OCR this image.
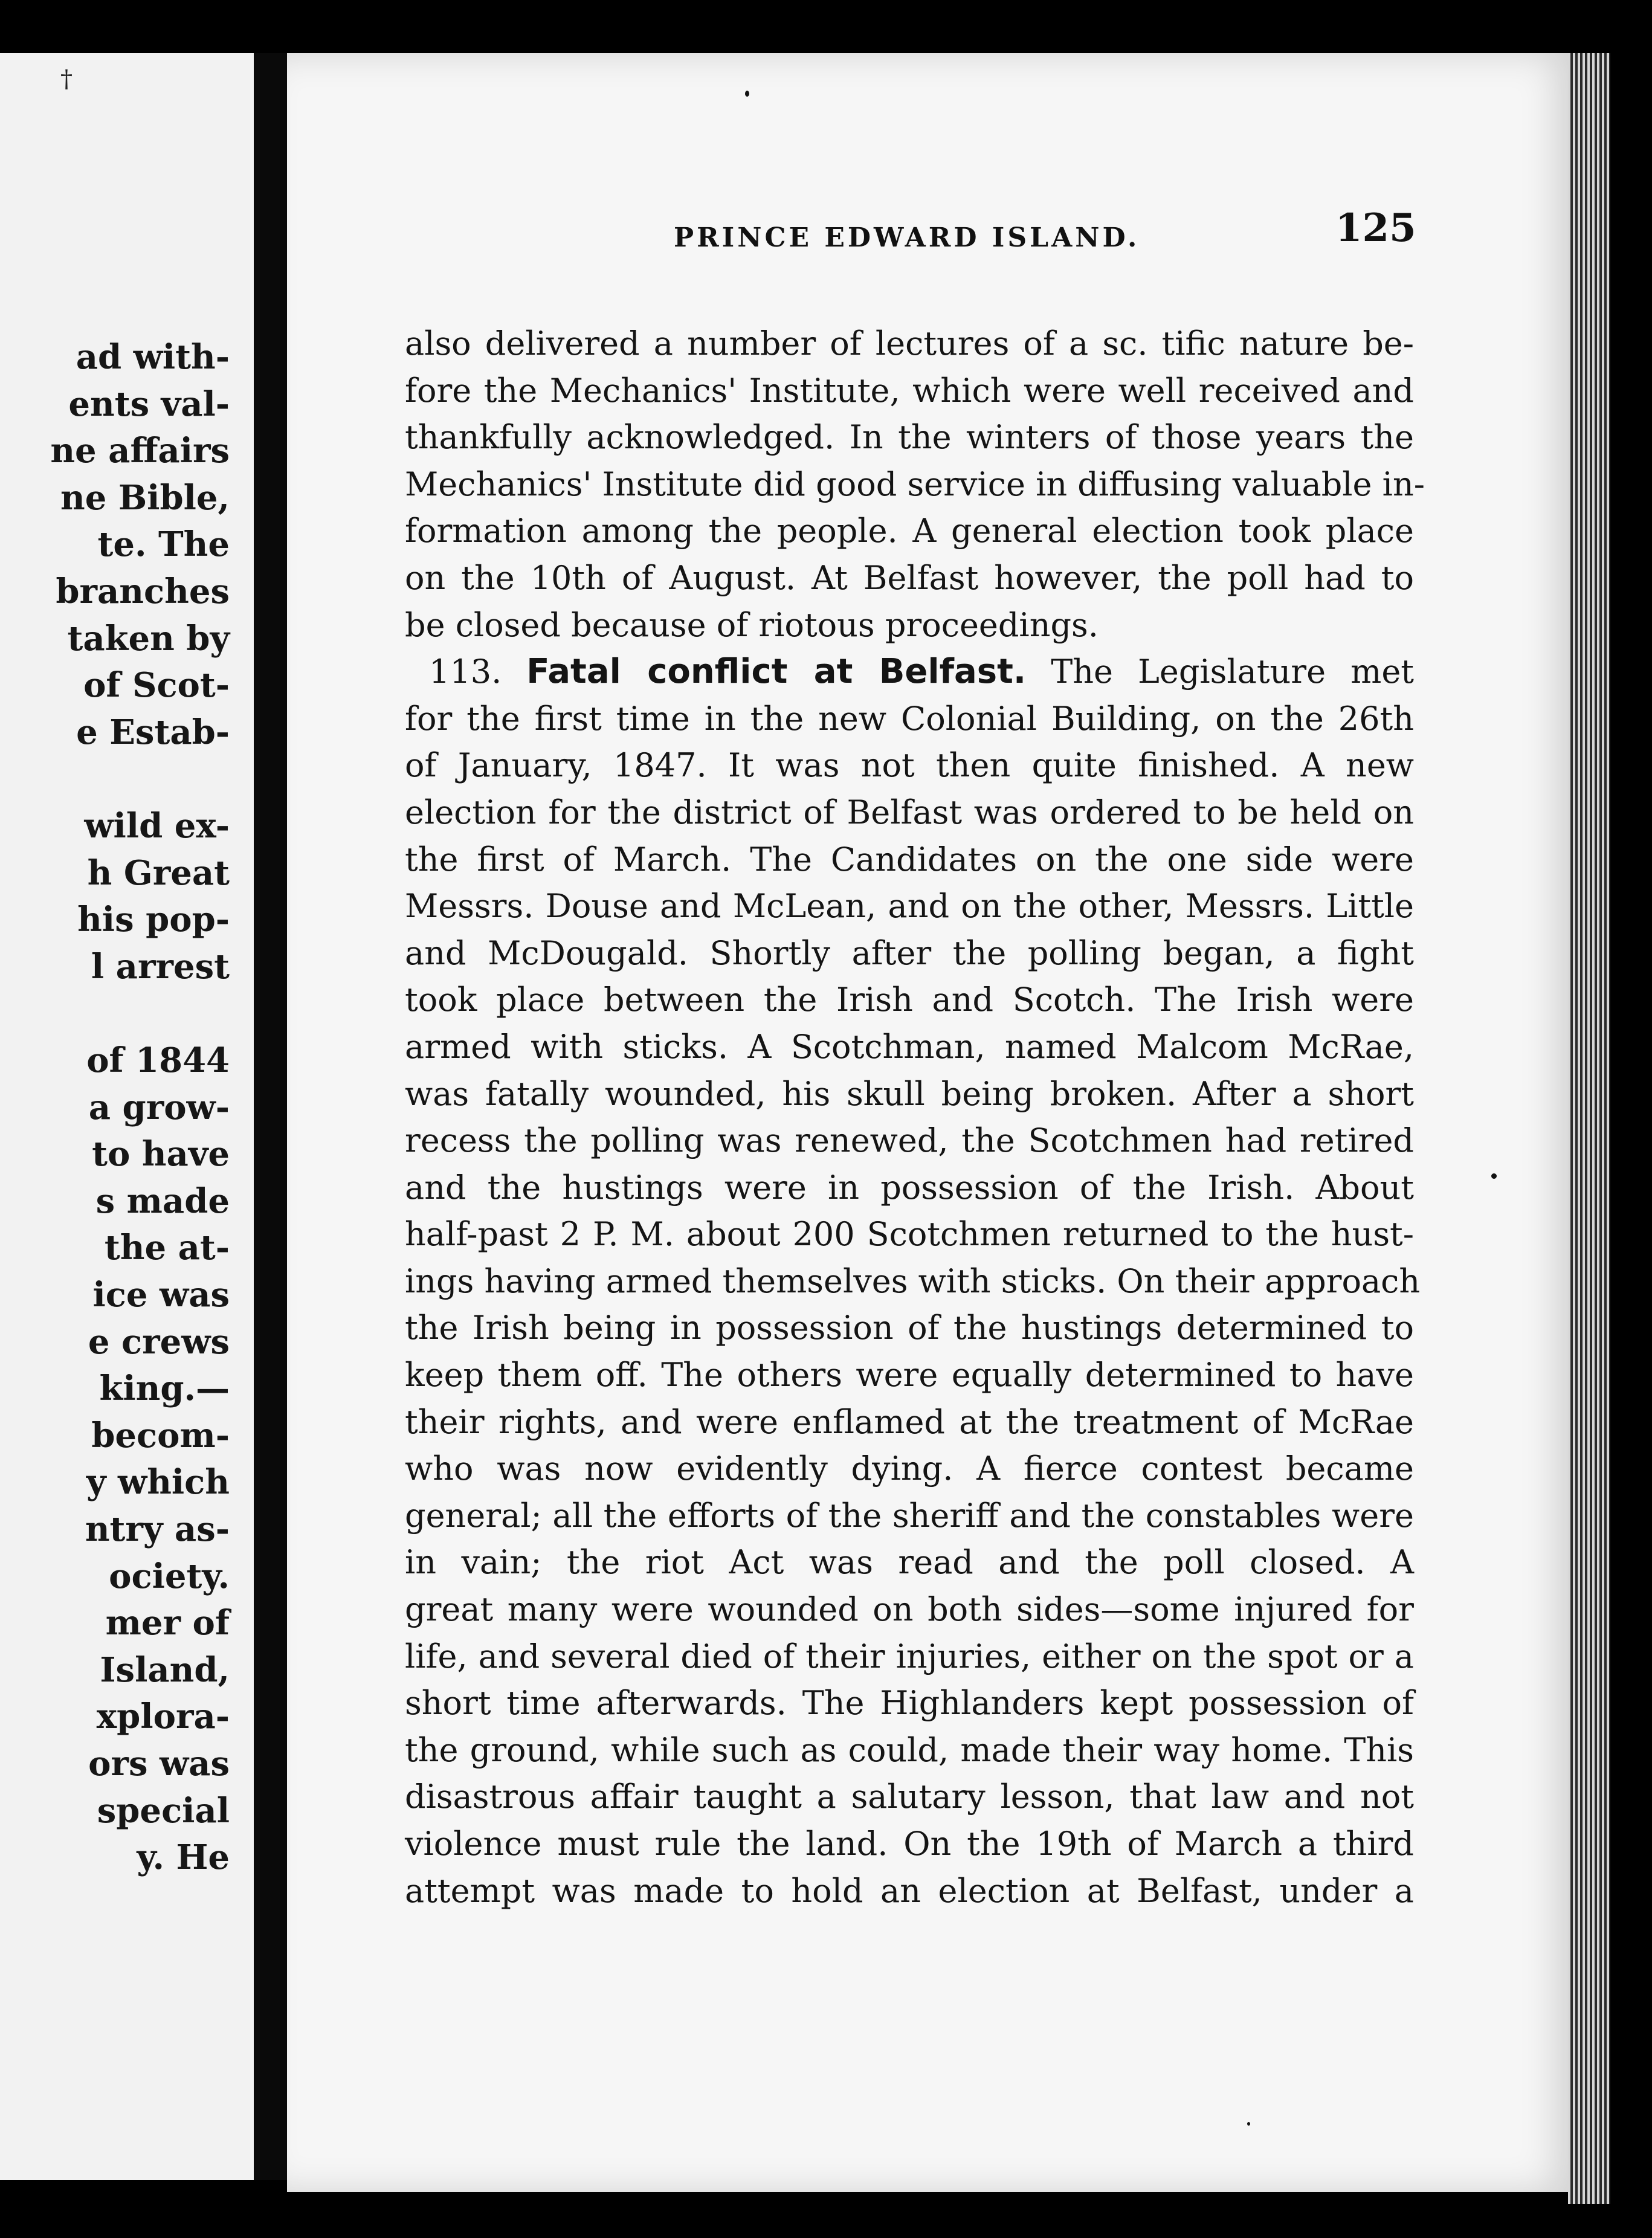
†
ad with-
ents val-
ne affairs
ne Bible,
te. The
branches
taken by
of Scot-
e Estab-
wild ex-
h Great
his pop-
l arrest
of 1844
a grow-
to have
s made
the at-
ice was
e crews
king.—
becom-
y which
ntry as-
ociety.
mer of
Island,
xplora-
ors was
special
y. He
PRINCE EDWARD ISLAND.	125
also delivered a number of lectures of a sc. tific nature be-
fore the Mechanics' Institute, which were well received and
thankfully acknowledged. In the winters of those years the
Mechanics' Institute did good service in diffusing valuable in-
formation among the people. A general election took place
on the 10th of August. At Belfast however, the poll had to
be closed because of riotous proceedings.
113. Fatal conflict at Belfast. The Legislature met
for the first time in the new Colonial Building, on the 26th
of January, 1847. It was not then quite finished. A new
election for the district of Belfast was ordered to be held on
the first of March. The Candidates on the one side were
Messrs. Douse and McLean, and on the other, Messrs. Little
and McDougald. Shortly after the polling began, a fight
took place between the Irish and Scotch. The Irish were
armed with sticks. A Scotchman, named Malcom McRae,
was fatally wounded, his skull being broken. After a short
recess the polling was renewed, the Scotchmen had retired
and the hustings were in possession of the Irish. About
half-past 2 P. M. about 200 Scotchmen returned to the hust-
ings having armed themselves with sticks. On their approach
the Irish being in possession of the hustings determined to
keep them off. The others were equally determined to have
their rights, and were enflamed at the treatment of McRae
who was now evidently dying. A fierce contest became
general; all the efforts of the sheriff and the constables were
in vain; the riot Act was read and the poll closed. A
great many were wounded on both sides—some injured for
life, and several died of their injuries, either on the spot or a
short time afterwards. The Highlanders kept possession of
the ground, while such as could, made their way home. This
disastrous affair taught a salutary lesson, that law and not
violence must rule the land. On the 19th of March a third
attempt was made to hold an election at Belfast, under a
